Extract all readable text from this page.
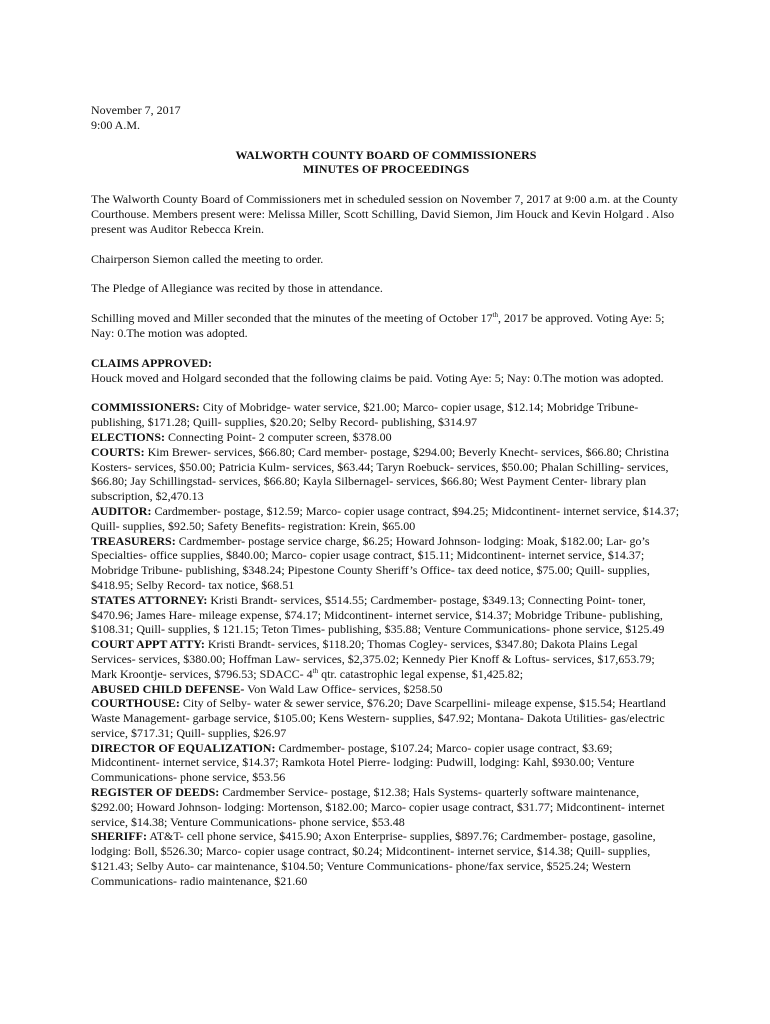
November 7, 2017

9:00 A.M.

WALWORTH COUNTY BOARD OF COMMISSIONERS

MINUTES OF PROCEEDINGS

The Walworth County Board of Commissioners met in scheduled session on November 7, 2017 at 9:00 a.m. at the County Courthouse. Members present were: Melissa Miller, Scott Schilling, David Siemon, Jim Houck and Kevin Holgard . Also present was Auditor Rebecca Krein.

Chairperson Siemon called the meeting to order.

The Pledge of Allegiance was recited by those in attendance.

Schilling moved and Miller seconded that the minutes of the meeting of October 17th, 2017 be approved. Voting Aye: 5; Nay: 0.The motion was adopted.

CLAIMS APPROVED:

Houck moved and Holgard seconded that the following claims be paid. Voting Aye: 5; Nay: 0.The motion was adopted.

COMMISSIONERS: City of Mobridge- water service, $21.00; Marco- copier usage, $12.14; Mobridge Tribune- publishing, $171.28; Quill- supplies, $20.20; Selby Record- publishing, $314.97

ELECTIONS: Connecting Point- 2 computer screen, $378.00

COURTS: Kim Brewer- services, $66.80; Card member- postage, $294.00; Beverly Knecht- services, $66.80; Christina Kosters- services, $50.00; Patricia Kulm- services, $63.44; Taryn Roebuck- services, $50.00; Phalan Schilling- services, $66.80; Jay Schillingstad- services, $66.80; Kayla Silbernagel- services, $66.80; West Payment Center- library plan subscription, $2,470.13

AUDITOR: Cardmember- postage, $12.59; Marco- copier usage contract, $94.25; Midcontinent- internet service, $14.37; Quill- supplies, $92.50; Safety Benefits- registration: Krein, $65.00

TREASURERS: Cardmember- postage service charge, $6.25; Howard Johnson- lodging: Moak, $182.00; Lar- go’s Specialties- office supplies, $840.00; Marco- copier usage contract, $15.11; Midcontinent- internet service, $14.37; Mobridge Tribune- publishing, $348.24; Pipestone County Sheriff’s Office- tax deed notice, $75.00; Quill- supplies, $418.95; Selby Record- tax notice, $68.51

STATES ATTORNEY: Kristi Brandt- services, $514.55; Cardmember- postage, $349.13; Connecting Point- toner, $470.96; James Hare- mileage expense, $74.17; Midcontinent- internet service, $14.37; Mobridge Tribune- publishing, $108.31; Quill- supplies, $ 121.15; Teton Times- publishing, $35.88; Venture Communications- phone service, $125.49

COURT APPT ATTY: Kristi Brandt- services, $118.20; Thomas Cogley- services, $347.80; Dakota Plains Legal Services- services, $380.00; Hoffman Law- services, $2,375.02; Kennedy Pier Knoff & Loftus- services, $17,653.79; Mark Kroontje- services, $796.53; SDACC- 4th qtr. catastrophic legal expense, $1,425.82;

ABUSED CHILD DEFENSE- Von Wald Law Office- services, $258.50

COURTHOUSE: City of Selby- water & sewer service, $76.20; Dave Scarpellini- mileage expense, $15.54; Heartland Waste Management- garbage service, $105.00; Kens Western- supplies, $47.92; Montana- Dakota Utilities- gas/electric service, $717.31; Quill- supplies, $26.97

DIRECTOR OF EQUALIZATION: Cardmember- postage, $107.24; Marco- copier usage contract, $3.69; Midcontinent- internet service, $14.37; Ramkota Hotel Pierre- lodging: Pudwill, lodging: Kahl, $930.00; Venture Communications- phone service, $53.56

REGISTER OF DEEDS: Cardmember Service- postage, $12.38; Hals Systems- quarterly software maintenance, $292.00; Howard Johnson- lodging: Mortenson, $182.00; Marco- copier usage contract, $31.77; Midcontinent- internet service, $14.38; Venture Communications- phone service, $53.48

SHERIFF: AT&T- cell phone service, $415.90; Axon Enterprise- supplies, $897.76; Cardmember- postage, gasoline, lodging: Boll, $526.30; Marco- copier usage contract, $0.24; Midcontinent- internet service, $14.38; Quill- supplies, $121.43; Selby Auto- car maintenance, $104.50; Venture Communications- phone/fax service, $525.24; Western Communications- radio maintenance, $21.60
